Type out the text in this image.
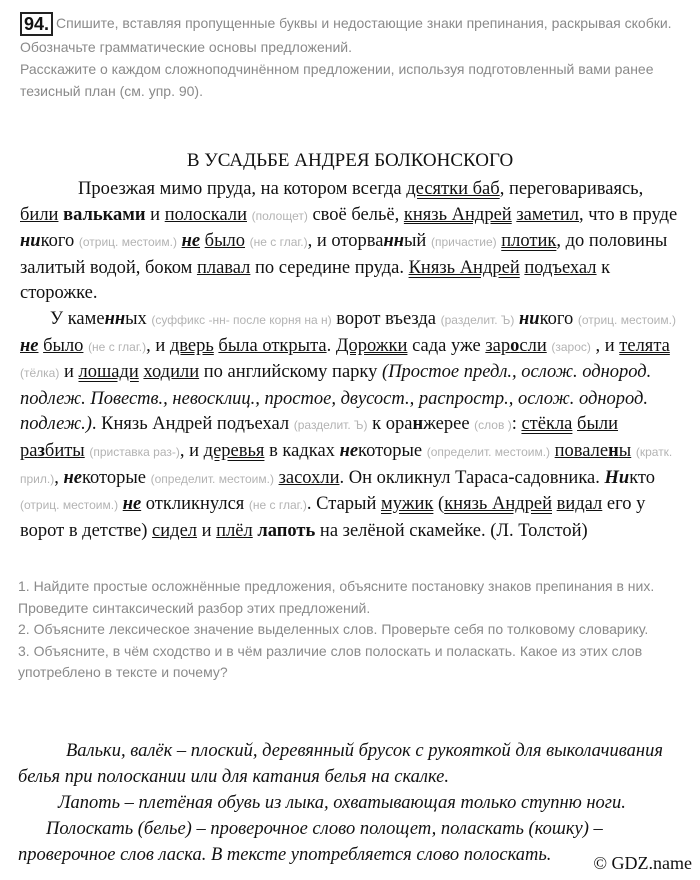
94. Спишите, вставляя пропущенные буквы и недостающие знаки препинания, раскрывая скобки.

Обозначьте грамматические основы предложений.

Расскажите о каждом сложноподчинённом предложении, используя подготовленный вами ранее тезисный план (см. упр. 90).

В УСАДЬБЕ АНДРЕЯ БОЛКОНСКОГО

Проезжая мимо пруда, на котором всегда десятки баб, переговариваясь, били вальками и полоскали (полощет) своё бельё, князь Андрей заметил, что в пруде никого (отриц. местоим.) не было (не с глаг.), и оторванный (причастие) плотик, до половины залитый водой, боком плавал по середине пруда. Князь Андрей подъехал к сторожке.

У каменных (суффикс -нн- после корня на н) ворот въезда (разделит. Ъ) никого (отриц. местоим.) не было (не с глаг.), и дверь была открыта. Дорожки сада уже заросли (зарос) , и телята (тёлка) и лошади ходили по английскому парку (Простое предл., ослож. однород. подлеж. Повеств., невосклиц., простое, двусост., распростр., ослож. однород. подлеж.). Князь Андрей подъехал (разделит. Ъ) к оранжерее (слов ): стёкла были разбиты (приставка раз-), и деревья в кадках некоторые (определит. местоим.) повалены (кратк. прил.), некоторые (определит. местоим.) засохли. Он окликнул Тараса-садовника. Никто (отриц. местоим.) не откликнулся (не с глаг.). Старый мужик (князь Андрей видал его у ворот в детстве) сидел и плёл лапоть на зелёной скамейке. (Л. Толстой)

1. Найдите простые осложнённые предложения, объясните постановку знаков препинания в них. Проведите синтаксический разбор этих предложений.

2. Объясните лексическое значение выделенных слов. Проверьте себя по толковому словарику.

3. Объясните, в чём сходство и в чём различие слов полоскать и поласкать. Какое из этих слов употреблено в тексте и почему?

Вальки, валёк – плоский, деревянный брусок с рукояткой для выколачивания белья при полоскании или для катания белья на скалке.

Лапоть – плетёная обувь из лыка, охватывающая только ступню ноги.

Полоскать (белье) – проверочное слово полощет, поласкать (кошку) – проверочное слов ласка. В тексте употребляется слово полоскать.	© GDZ.name
